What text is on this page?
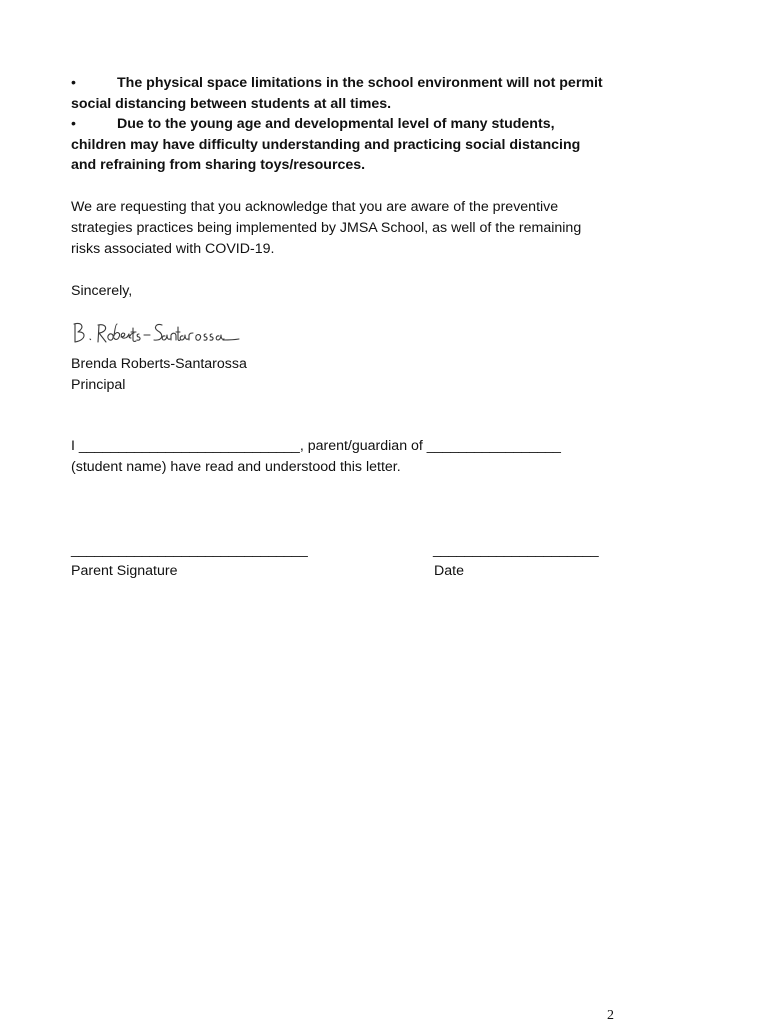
•	The physical space limitations in the school environment will not permit
social distancing between students at all times.

•	Due to the young age and developmental level of many students,
children may have difficulty understanding and practicing social distancing
and refraining from sharing toys/resources.

We are requesting that you acknowledge that you are aware of the preventive
strategies practices being implemented by JMSA School, as well of the remaining
risks associated with COVID-19.

Sincerely,

Brenda Roberts-Santarossa
Principal

I ____________________________, parent/guardian of _________________
(student name) have read and understood this letter.

______________________________	_____________________
Parent Signature	Date
2
